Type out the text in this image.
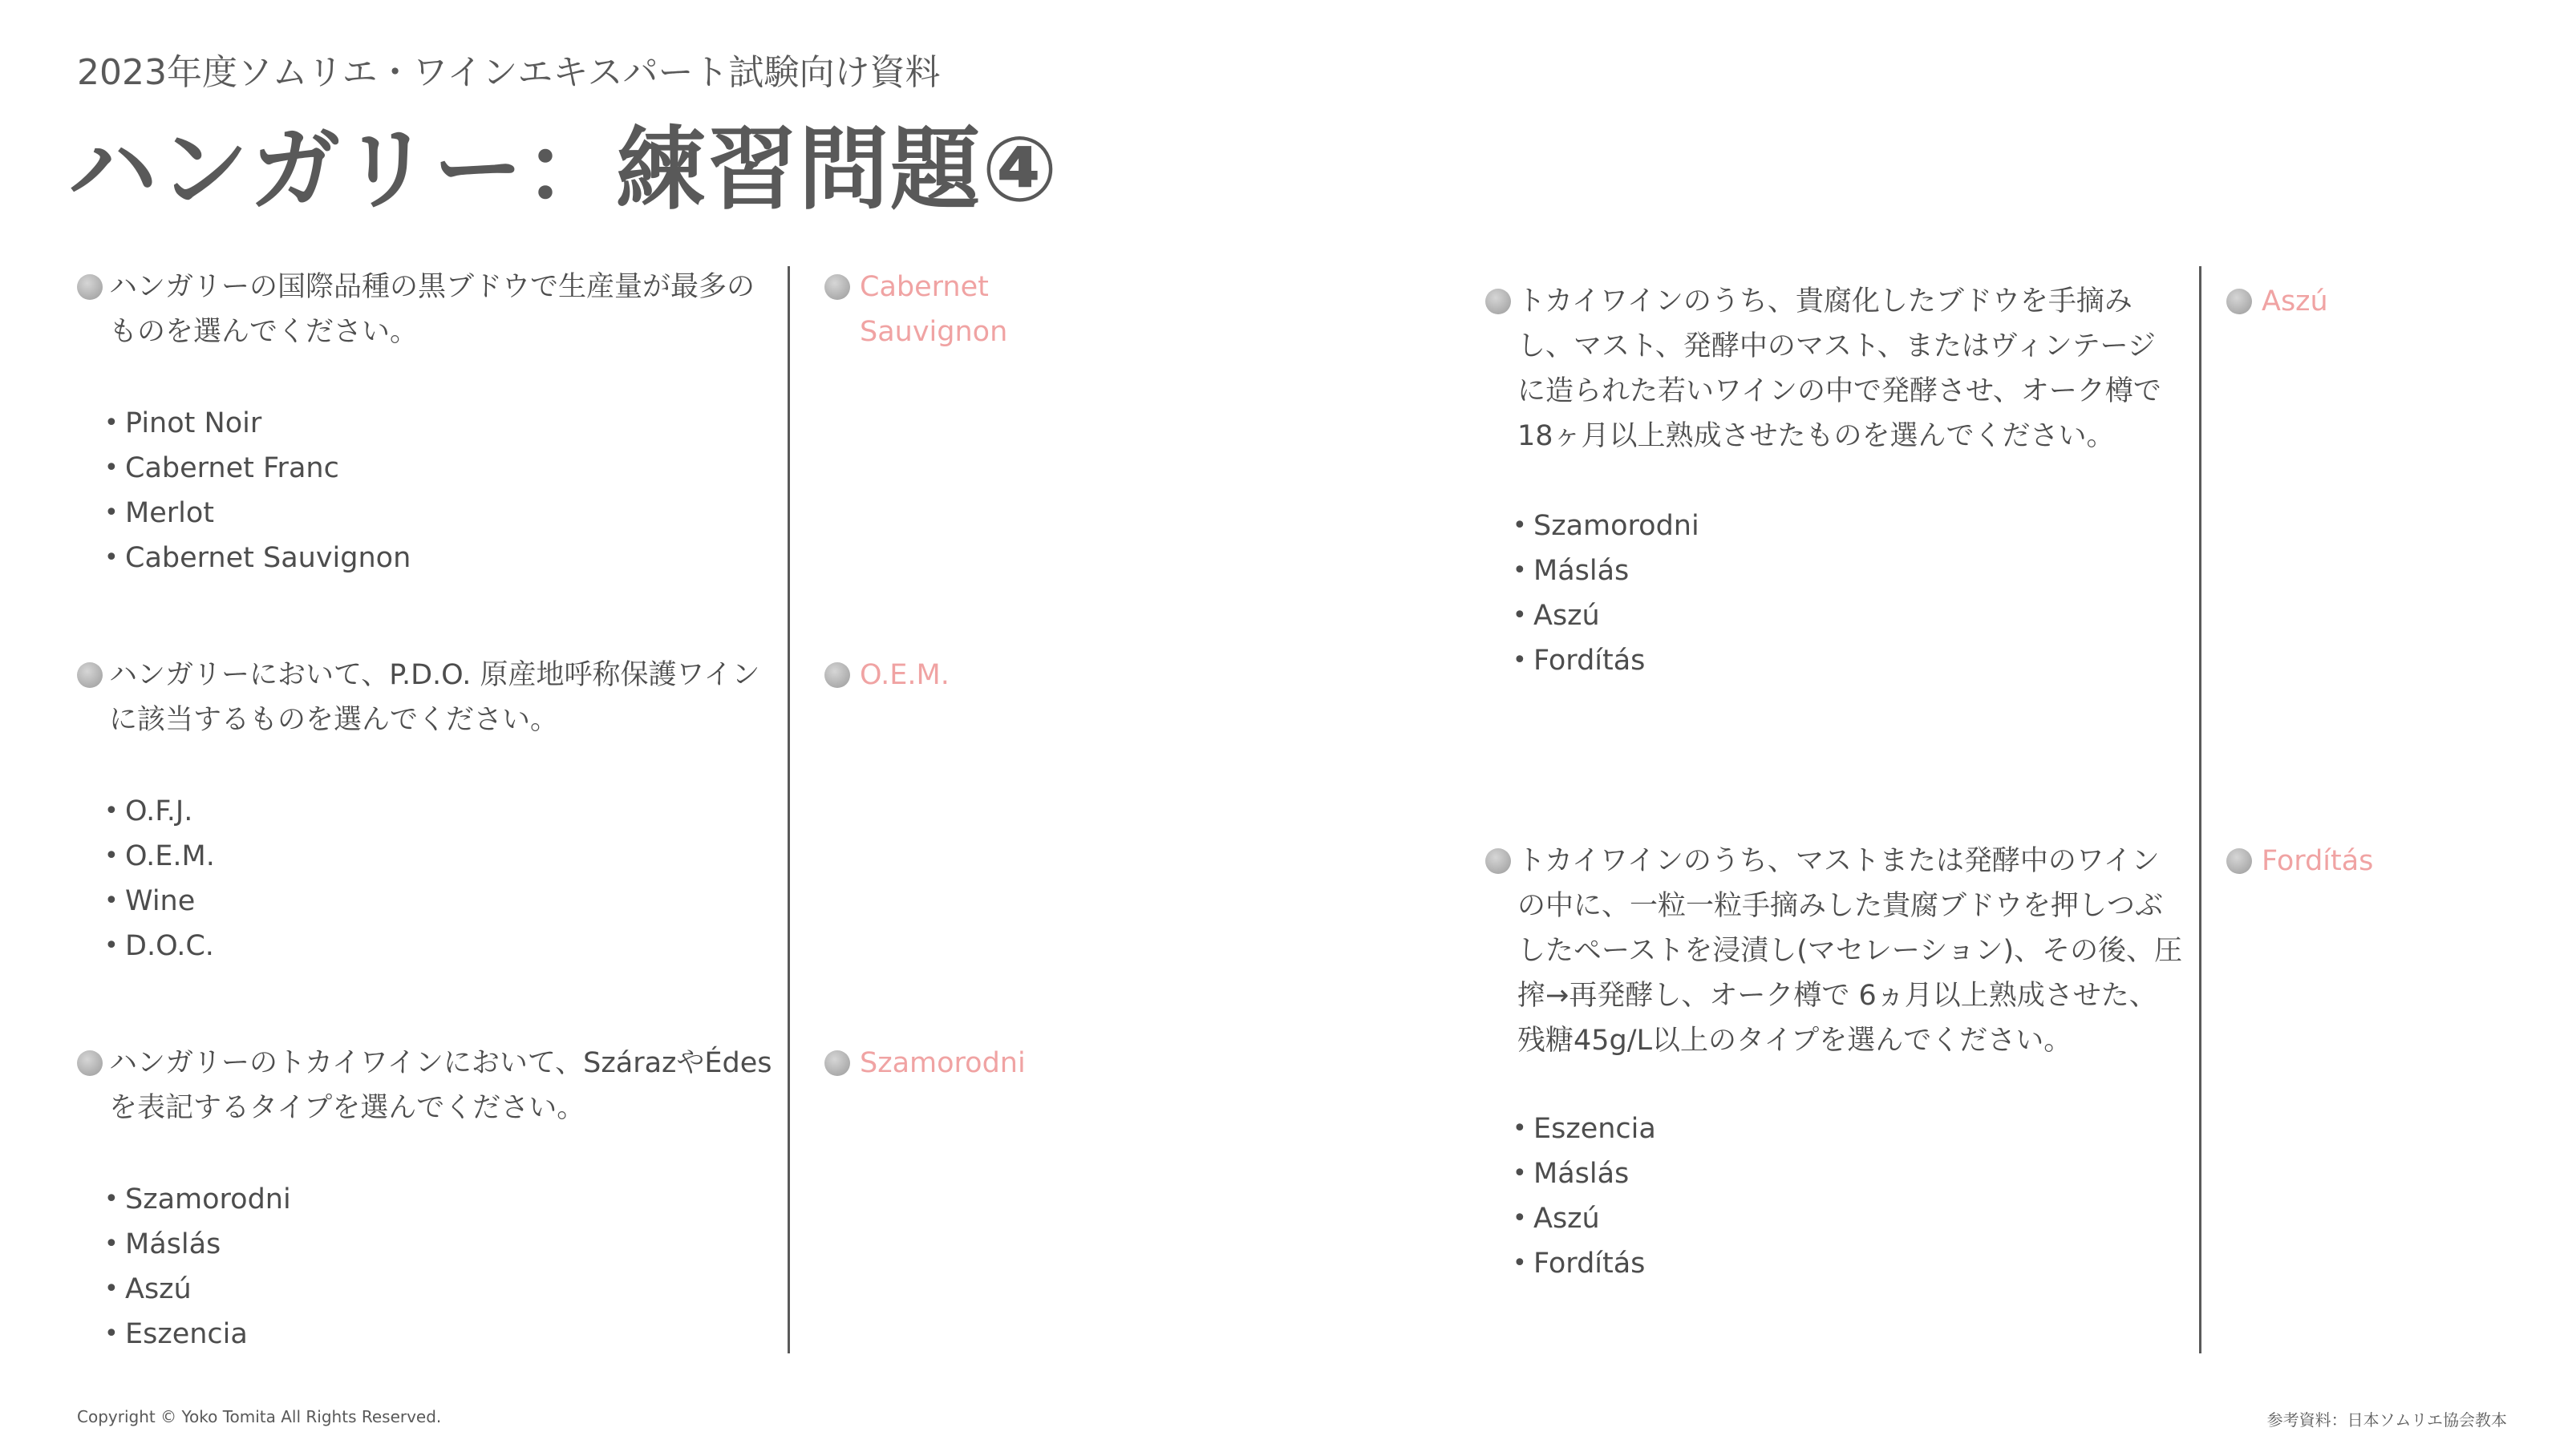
2023年度ソムリエ・ワインエキスパート試験向け資料
ハンガリー：練習問題④

ハンガリーの国際品種の黒ブドウで生産量が最多のものを選んでください。

• Pinot Noir
• Cabernet Franc
• Merlot
• Cabernet Sauvignon

Cabernet Sauvignon

ハンガリーにおいて、P.D.O. 原産地呼称保護ワインに該当するものを選んでください。

• O.F.J.
• O.E.M.
• Wine
• D.O.C.

O.E.M.

ハンガリーのトカイワインにおいて、SzárazやÉdesを表記するタイプを選んでください。

• Szamorodni
• Máslás
• Aszú
• Eszencia

Szamorodni

トカイワインのうち、貴腐化したブドウを手摘みし、マスト、発酵中のマスト、またはヴィンテージに造られた若いワインの中で発酵させ、オーク樽で18ヶ月以上熟成させたものを選んでください。

• Szamorodni
• Máslás
• Aszú
• Fordítás

Aszú

トカイワインのうち、マストまたは発酵中のワインの中に、一粒一粒手摘みした貴腐ブドウを押しつぶしたペーストを浸漬し(マセレーション)、その後、圧搾→再発酵し、オーク樽で 6ヵ月以上熟成させた、残糖45g/L以上のタイプを選んでください。

• Eszencia
• Máslás
• Aszú
• Fordítás

Fordítás

Copyright © Yoko Tomita All Rights Reserved.	参考資料：日本ソムリエ協会教本
